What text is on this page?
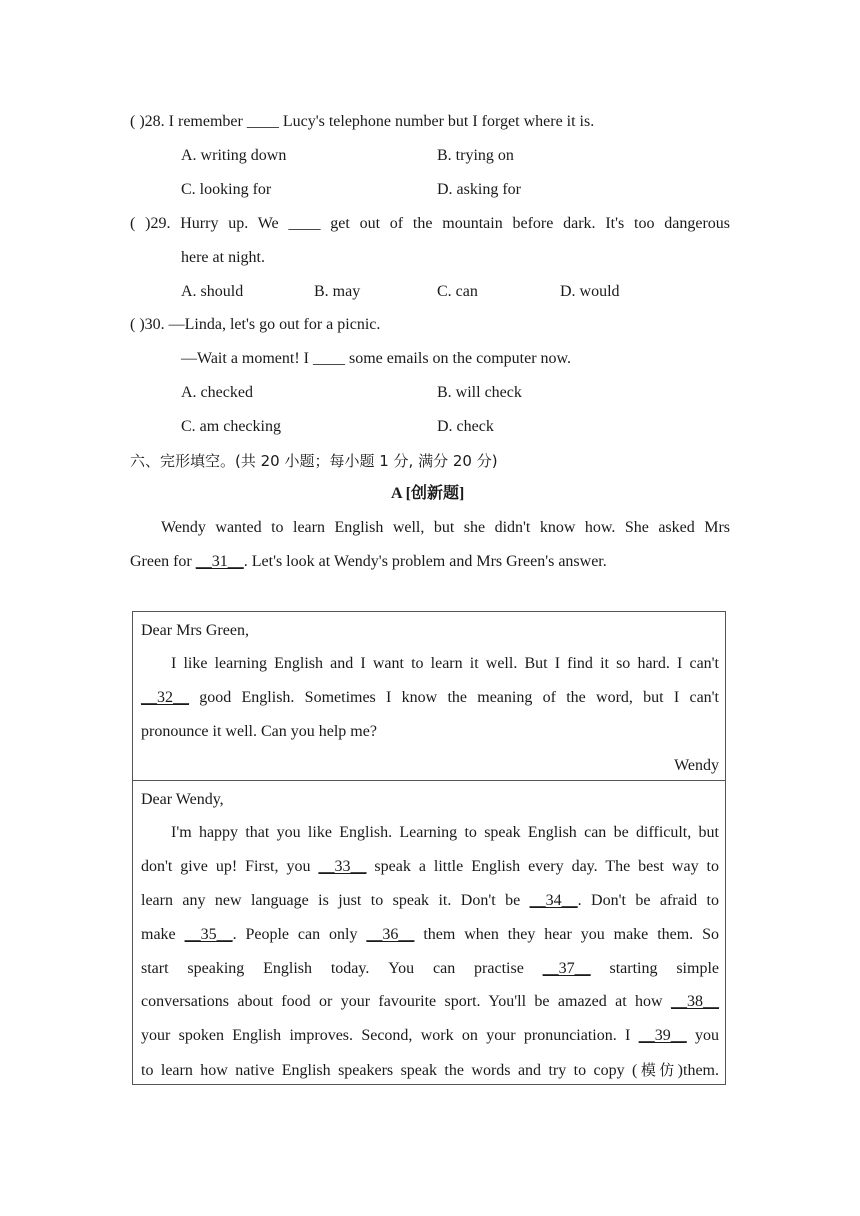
( )28. I remember ____ Lucy's telephone number but I forget where it is.
A. writing down	B. trying on
C. looking for	D. asking for
( )29. Hurry up. We ____ get out of the mountain before dark. It's too dangerous
here at night.
A. should	B. may	C. can	D. would
( )30. —Linda, let's go out for a picnic.
—Wait a moment! I ____ some emails on the computer now.
A. checked	B. will check
C. am checking	D. check
六、完形填空。(共 20 小题；每小题 1 分, 满分 20 分)
A [创新题]
Wendy wanted to learn English well, but she didn't know how. She asked Mrs
Green for __31__. Let's look at Wendy's problem and Mrs Green's answer.
Dear Mrs Green,
I like learning English and I want to learn it well. But I find it so hard. I can't
__32__ good English. Sometimes I know the meaning of the word, but I can't
pronounce it well. Can you help me?
Wendy
Dear Wendy,
I'm happy that you like English. Learning to speak English can be difficult, but
don't give up! First, you __33__ speak a little English every day. The best way to
learn any new language is just to speak it. Don't be __34__. Don't be afraid to
make __35__. People can only __36__ them when they hear you make them. So
start speaking English today. You can practise __37__ starting simple
conversations about food or your favourite sport. You'll be amazed at how __38__
your spoken English improves. Second, work on your pronunciation. I __39__ you
to learn how native English speakers speak the words and try to copy (模仿)them.
